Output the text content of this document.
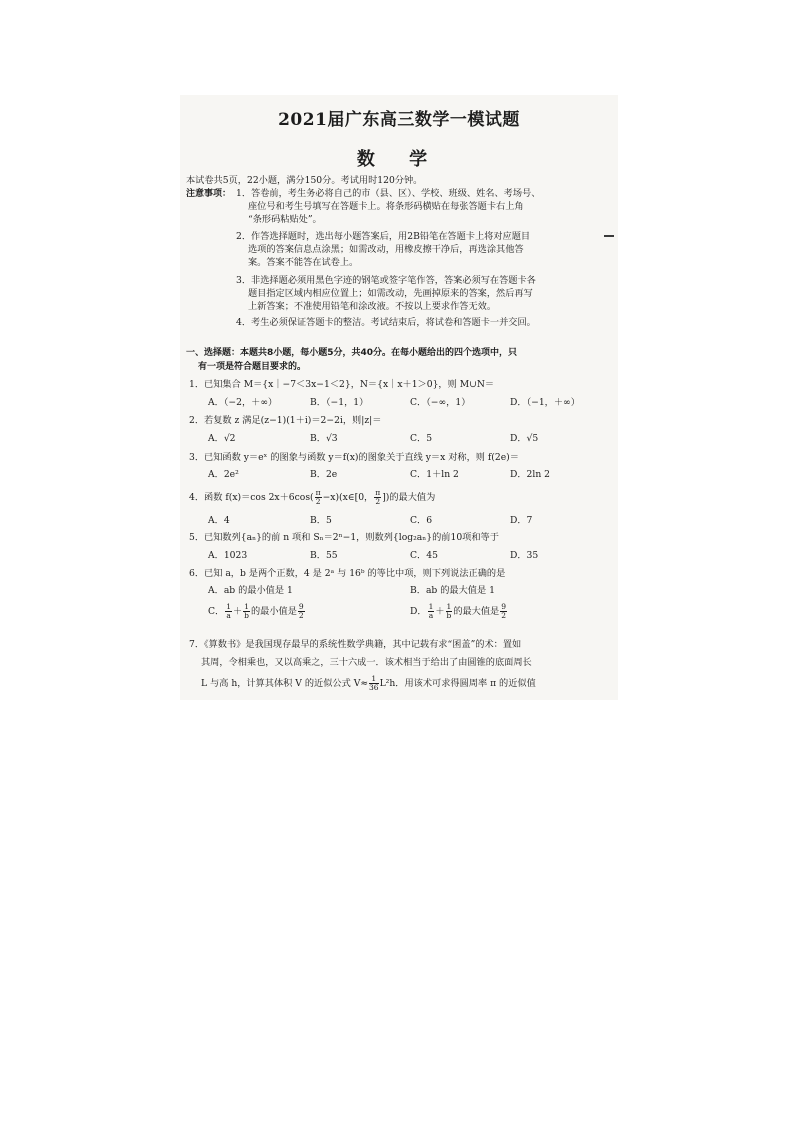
2021届广东高三数学一模试题
数 学
本试卷共5页，22小题，满分150分。考试用时120分钟。
注意事项： 1．答卷前，考生务必将自己的市（县、区）、学校、班级、姓名、考场号、
座位号和考生号填写在答题卡上。将条形码横贴在每张答题卡右上角
“条形码粘贴处”。
2．作答选择题时，选出每小题答案后，用2B铅笔在答题卡上将对应题目
选项的答案信息点涂黑；如需改动，用橡皮擦干净后，再选涂其他答
案。答案不能答在试卷上。
3．非选择题必须用黑色字迹的钢笔或签字笔作答，答案必须写在答题卡各
题目指定区域内相应位置上；如需改动，先画掉原来的答案，然后再写
上新答案；不准使用铅笔和涂改液。不按以上要求作答无效。
4．考生必须保证答题卡的整洁。考试结束后，将试卷和答题卡一并交回。
一、选择题：本题共8小题，每小题5分，共40分。在每小题给出的四个选项中，只
有一项是符合题目要求的。
1．已知集合 M＝{x｜−7＜3x−1＜2}，N＝{x｜x＋1＞0}，则 M∪N＝
A．（−2，＋∞）	B．（−1，1）	C．（−∞，1）	D．（−1，＋∞）
2．若复数 z 满足(z−1)(1＋i)＝2−2i，则|z|＝
A．√2	B．√3	C．5	D．√5
3．已知函数 y＝eˣ 的图象与函数 y＝f(x)的图象关于直线 y＝x 对称，则 f(2e)＝
A．2e²	B．2e	C．1＋ln 2	D．2ln 2
4．函数 f(x)＝cos $2x+6\cos( \frac{\pi}{2}$ −x)(x∈[0， $\frac{\pi}{2}$ ])的最大值为
A．4	B．5	C．6	D．7
5．已知数列{aₙ}的前 n 项和 Sₙ＝2ⁿ−1，则数列{log₂aₙ}的前10项和等于
A．1023	B．55	C．45	D．35
6．已知 a，b 是两个正数，4 是 2ᵃ 与 16ᵇ 的等比中项，则下列说法正确的是
A．ab 的最小值是 1	B．ab 的最大值是 1
C． $\frac{1}{a} + \frac{1}{b}$ 的最小值是 $\frac{9}{2}$	D． $\frac{1}{a} + \frac{1}{b}$ 的最大值是 $\frac{9}{2}$
7．《算数书》是我国现存最早的系统性数学典籍，其中记载有求“囷盖”的术：置如
其周，令相乘也，又以高乘之，三十六成一．该术相当于给出了由圆锥的底面周长
L 与高 h，计算其体积 V 的近似公式 $V\approx \frac{1}{36} L^2h$．用该术可求得圆周率 π 的近似值
